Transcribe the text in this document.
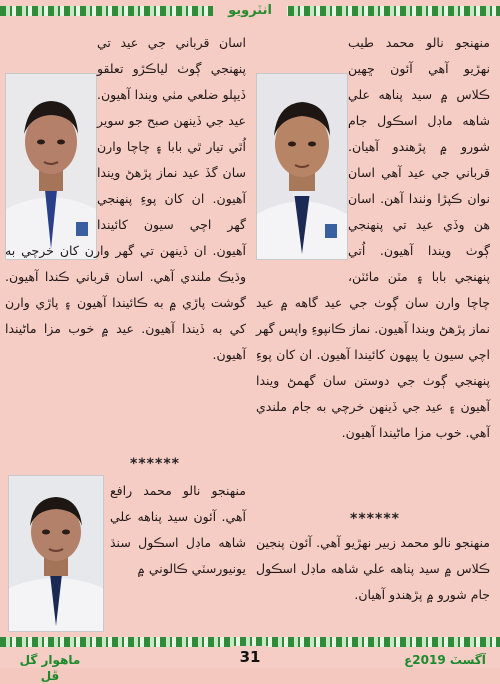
انٽرويو

منهنجو نالو محمد طيب نهڙيو آهي آئون ڇهين ڪلاس ۾ سيد پناهه علي شاهه ماڊل اسڪول جام شورو ۾ پڙهندو آهيان. قرباني جي عيد آهي اسان نوان ڪپڙا وٺندا آهن. اسان هن وڏي عيد تي پنهنجي ڳوٺ ويندا آهيون. اُتي پنهنجي بابا ۽ مٽن مائٽن، چاچا وارن سان ڳوٺ جي عيد گاهه ۾ عيد نماز پڙهڻ ويندا آهيون. نماز ڪانپوءِ واپس گهر اچي سيون يا پيهون کائيندا آهيون. ان کان پوءِ پنهنجي ڳوٺ جي دوستن سان گهمڻ ويندا آهيون ۽ عيد جي ڏينهن خرچي به جام ملندي آهي. خوب مزا ماڻيندا آهيون.

******
منهنجو نالو محمد زبير نهڙيو آهي. آئون پنجين ڪلاس ۾ سيد پناهه علي شاهه ماڊل اسڪول جام شورو ۾ پڙهندو آهيان.

اسان قرباني جي عيد تي پنهنجي ڳوٺ لياڪڙو تعلقو ڏيپلو ضلعي مٺي ويندا آهيون. عيد جي ڏينهن صبح جو سوير اُٿي تيار ٿي بابا ۽ چاچا وارن سان گڏ عيد نماز پڙهڻ ويندا آهيون. ان کان پوءِ پنهنجي گهر اچي سيون کائيندا آهيون. ان ڏينهن تي گهر وارن کان خرچي به وڌيڪ ملندي آهي. اسان قرباني ڪندا آهيون. گوشت پاڙي ۾ به ڪائيندا آهيون ۽ پاڙي وارن کي به ڏيندا آهيون. عيد ۾ خوب مزا ماڻيندا آهيون.

******
منهنجو نالو محمد رافع آهي. آئون سيد پناهه علي شاهه ماڊل اسڪول سنڌ يونيورسٽي ڪالوني ۾
ماهوار گل ڦل
31	آگسٽ 2019ع
